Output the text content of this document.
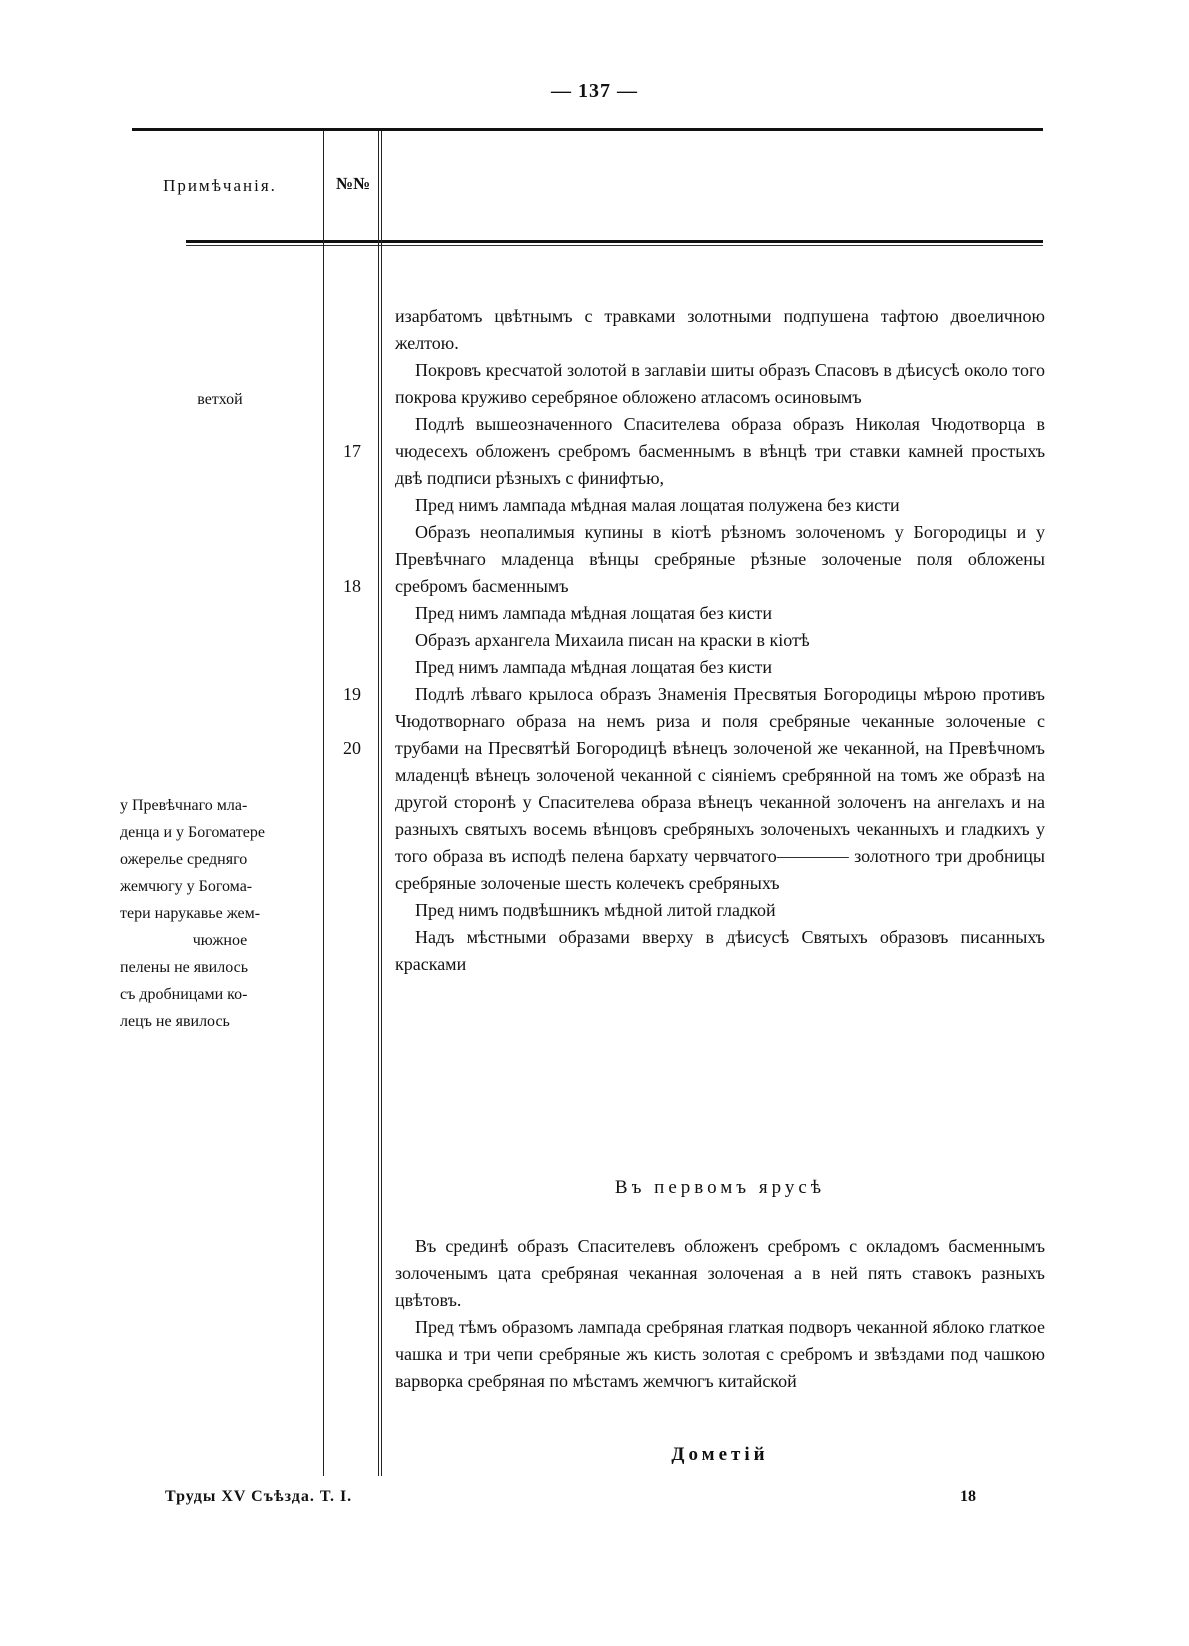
— 137 —
Примѣчанія.	№№
ветхой
у Превѣчнаго мла-
денца и у Богоматере
ожерелье средняго
жемчюгу у Богома-
тери нарукавье жем-
чюжное
пелены не явилось
съ дробницами ко-
лецъ не явилось
17
18
19
20

изарбатомъ цвѣтнымъ с травками золотными подпушена тафтою двоеличною желтою.

Покровъ кресчатой золотой в заглавіи шиты образъ Спасовъ в дѣисусѣ около того покрова круживо серебряное обложено атласомъ осиновымъ

Подлѣ вышеозначенного Спасителева образа образъ Николая Чюдотворца в чюдесехъ обложенъ сребромъ басменнымъ в вѣнцѣ три ставки камней простыхъ двѣ подписи рѣзныхъ с финифтью,

Пред нимъ лампада мѣдная малая лощатая полужена без кисти

Образъ неопалимыя купины в кіотѣ рѣзномъ золоченомъ у Богородицы и у Превѣчнаго младенца вѣнцы сребряные рѣзные золоченые поля обложены сребромъ басменнымъ

Пред нимъ лампада мѣдная лощатая без кисти

Образъ архангела Михаила писан на краски в кіотѣ

Пред нимъ лампада мѣдная лощатая без кисти

Подлѣ лѣваго крылоса образъ Знаменія Пресвятыя Богородицы мѣрою противъ Чюдотворнаго образа на немъ риза и поля сребряные чеканные золоченые с трубами на Пресвятѣй Богородицѣ вѣнецъ золоченой же чеканной, на Превѣчномъ младенцѣ вѣнецъ золоченой чеканной с сіяніемъ сребрянной на томъ же образѣ на другой сторонѣ у Спасителева образа вѣнецъ чеканной золоченъ на ангелахъ и на разныхъ святыхъ восемь вѣнцовъ сребряныхъ золоченыхъ чеканныхъ и гладкихъ у того образа въ исподѣ пелена бархату червчатого———— золотного три дробницы сребряные золоченые шесть колечекъ сребряныхъ

Пред нимъ подвѣшникъ мѣдной литой гладкой

Надъ мѣстными образами вверху в дѣисусѣ Святыхъ образовъ писанныхъ красками

Въ первомъ ярусѣ

Въ срединѣ образъ Спасителевъ обложенъ сребромъ с окладомъ басменнымъ золоченымъ цата сребряная чеканная золоченая а в ней пять ставокъ разныхъ цвѣтовъ.

Пред тѣмъ образомъ лампада сребряная глаткая подворъ чеканной яблоко глаткое чашка и три чепи сребряные жъ кисть золотая с сребромъ и звѣздами под чашкою варворка сребряная по мѣстамъ жемчюгъ китайской

Дометій
Труды XV Съѣзда. Т. I.	18
